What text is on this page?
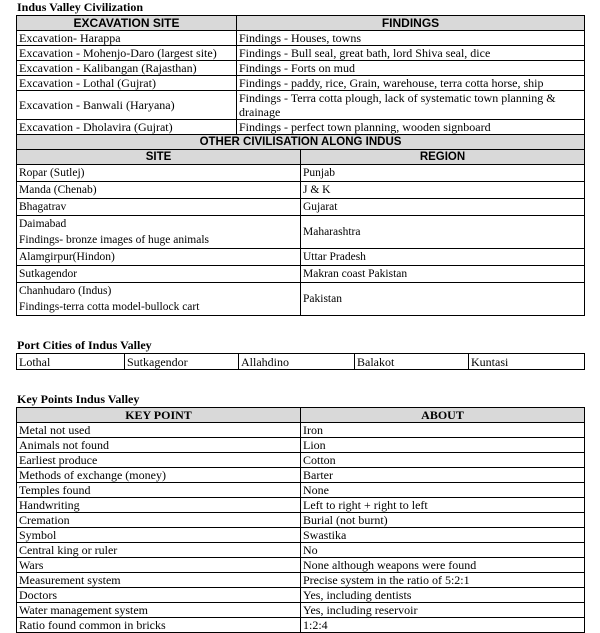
Indus Valley Civilization
EXCAVATION SITE	FINDINGS
Excavation- Harappa	Findings - Houses, towns
Excavation - Mohenjo-Daro (largest site)	Findings - Bull seal, great bath, lord Shiva seal, dice
Excavation - Kalibangan (Rajasthan)	Findings - Forts on mud
Excavation - Lothal (Gujrat)	Findings - paddy, rice, Grain, warehouse, terra cotta horse, ship
Excavation - Banwali (Haryana)	Findings - Terra cotta plough, lack of systematic town planning & drainage
Excavation - Dholavira (Gujrat)	Findings - perfect town planning, wooden signboard
OTHER CIVILISATION ALONG INDUS	
SITE	REGION
Ropar (Sutlej)	Punjab
Manda (Chenab)	J & K
Bhagatrav	Gujarat

Daimabad
Findings- bronze images of huge animals	Maharashtra
Alamgirpur(Hindon)	Uttar Pradesh
Sutkagendor	Makran coast Pakistan

Chanhudaro (Indus)
Findings-terra cotta model-bullock cart	Pakistan
Port Cities of Indus Valley
Lothal	Sutkagendor	Allahdino	Balakot	Kuntasi
Key Points Indus Valley
KEY POINT	ABOUT
Metal not used	Iron
Animals not found	Lion
Earliest produce	Cotton
Methods of exchange (money)	Barter
Temples found	None
Handwriting	Left to right + right to left
Cremation	Burial (not burnt)
Symbol	Swastika
Central king or ruler	No
Wars	None although weapons were found
Measurement system	Precise system in the ratio of 5:2:1
Doctors	Yes, including dentists
Water management system	Yes, including reservoir
Ratio found common in bricks	1:2:4
